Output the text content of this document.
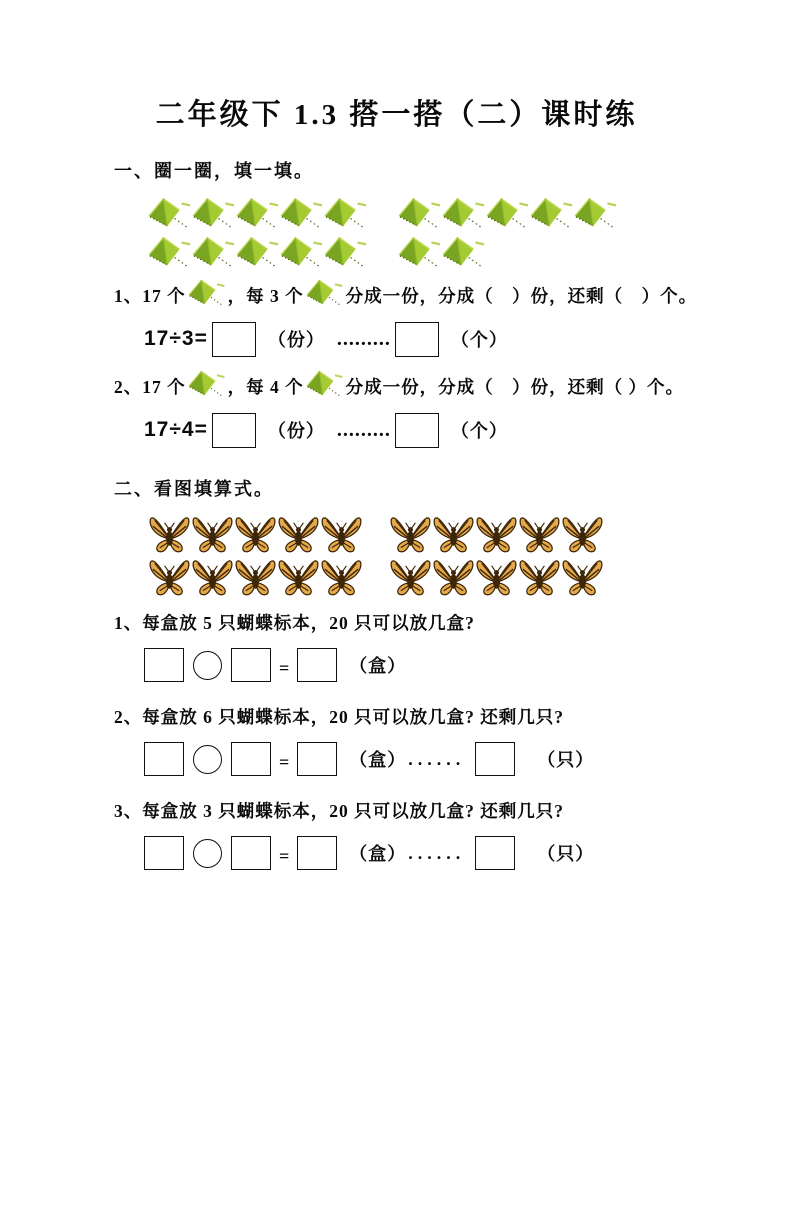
二年级下 1.3 搭一搭（二）课时练
一、圈一圈，填一填。
1、 17 个 ，每 3 个 分成一份，分成（　）份，还剩（　）个。
17÷3=	（份） .........	（个）
2、 17 个 ，每 4 个 分成一份，分成（　）份，还剩（ ）个。
17÷4=	（份） .........	（个）
二、看图填算式。
1、 每盒放 5 只蝴蝶标本，20 只可以放几盒?
=	（盒）
2、 每盒放 6 只蝴蝶标本，20 只可以放几盒? 还剩几只?
=	（盒） ......	（只）
3、 每盒放 3 只蝴蝶标本，20 只可以放几盒? 还剩几只?
=	（盒） ......	（只）
